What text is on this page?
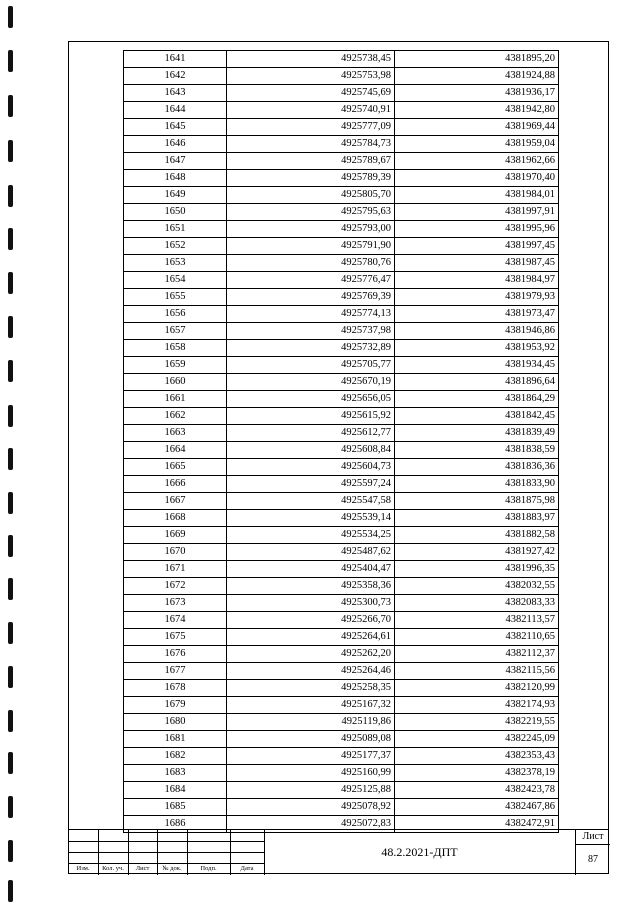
1641	4925738,45	4381895,20
1642	4925753,98	4381924,88
1643	4925745,69	4381936,17
1644	4925740,91	4381942,80
1645	4925777,09	4381969,44
1646	4925784,73	4381959,04
1647	4925789,67	4381962,66
1648	4925789,39	4381970,40
1649	4925805,70	4381984,01
1650	4925795,63	4381997,91
1651	4925793,00	4381995,96
1652	4925791,90	4381997,45
1653	4925780,76	4381987,45
1654	4925776,47	4381984,97
1655	4925769,39	4381979,93
1656	4925774,13	4381973,47
1657	4925737,98	4381946,86
1658	4925732,89	4381953,92
1659	4925705,77	4381934,45
1660	4925670,19	4381896,64
1661	4925656,05	4381864,29
1662	4925615,92	4381842,45
1663	4925612,77	4381839,49
1664	4925608,84	4381838,59
1665	4925604,73	4381836,36
1666	4925597,24	4381833,90
1667	4925547,58	4381875,98
1668	4925539,14	4381883,97
1669	4925534,25	4381882,58
1670	4925487,62	4381927,42
1671	4925404,47	4381996,35
1672	4925358,36	4382032,55
1673	4925300,73	4382083,33
1674	4925266,70	4382113,57
1675	4925264,61	4382110,65
1676	4925262,20	4382112,37
1677	4925264,46	4382115,56
1678	4925258,35	4382120,99
1679	4925167,32	4382174,93
1680	4925119,86	4382219,55
1681	4925089,08	4382245,09
1682	4925177,37	4382353,43
1683	4925160,99	4382378,19
1684	4925125,88	4382423,78
1685	4925078,92	4382467,86
1686	4925072,83	4382472,91
Изм.	Кол. уч.	Лист	№ док.	Подп.	Дата
48.2.2021-ДПТ
Лист
87
